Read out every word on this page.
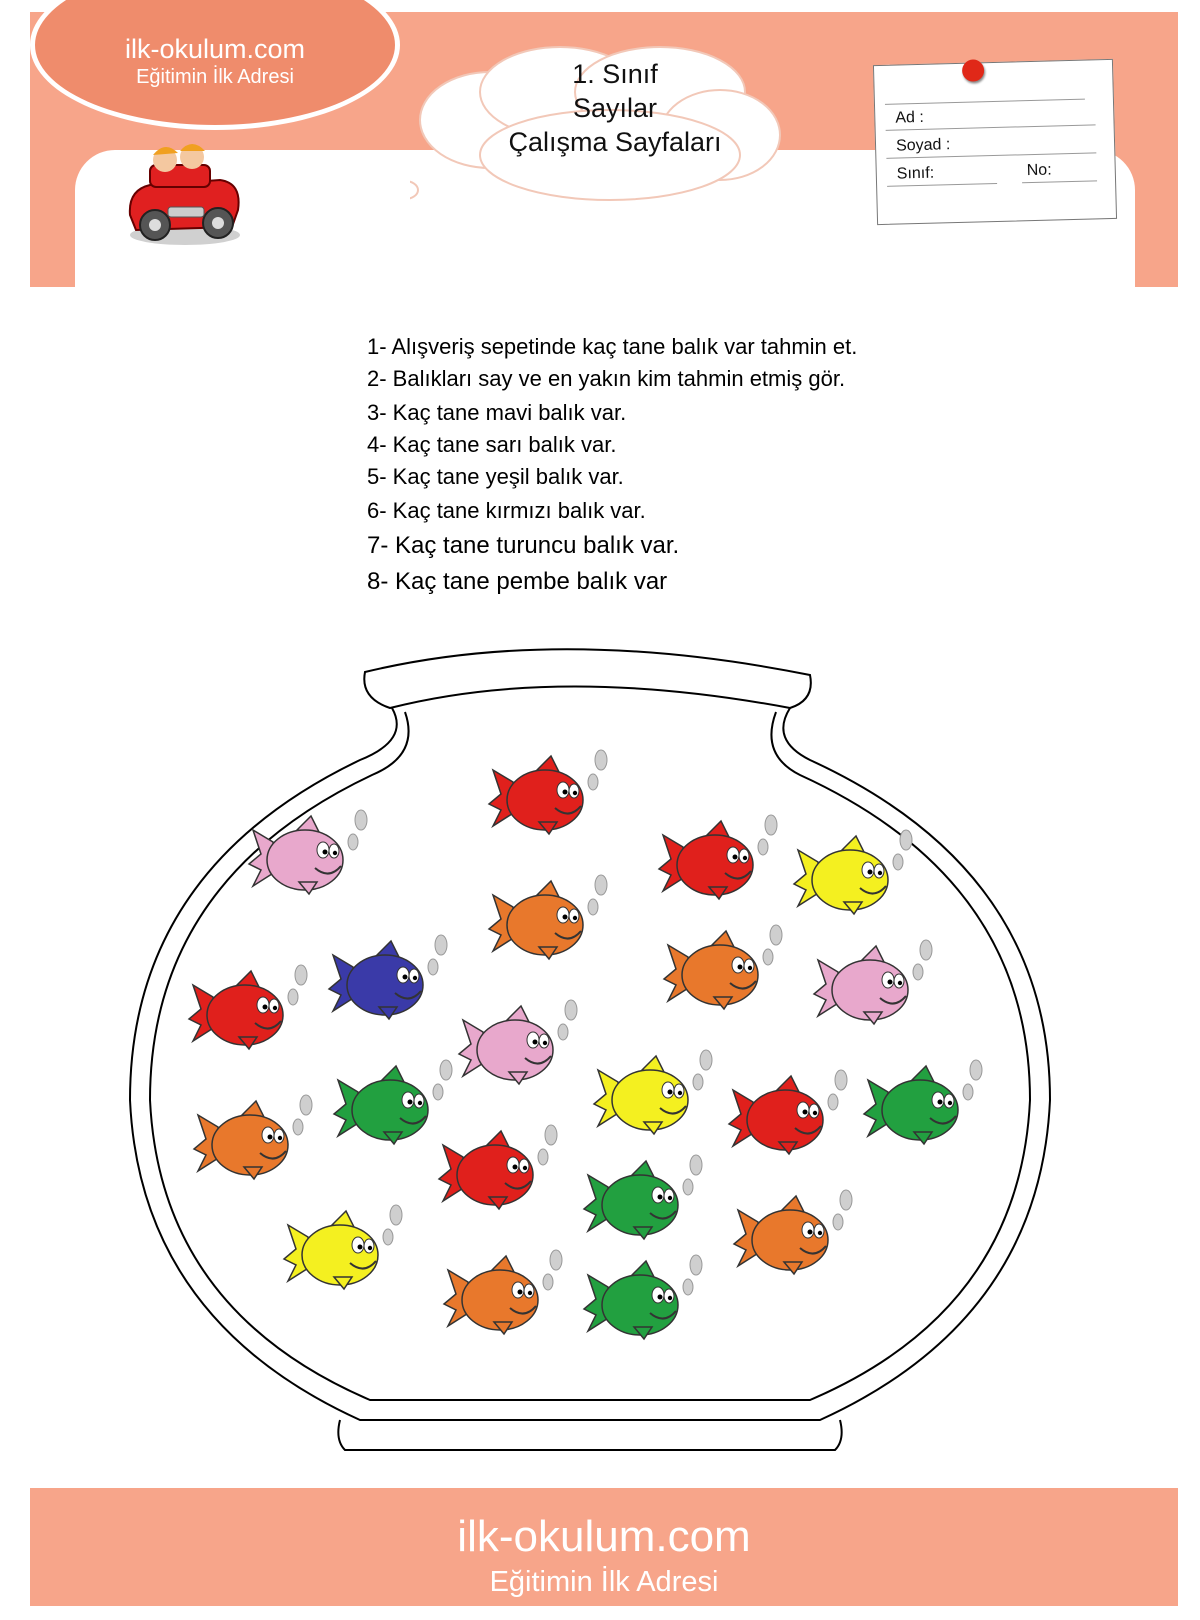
ilk-okulum.com
Eğitimin İlk Adresi	1. Sınıf
Sayılar
Çalışma Sayfaları
Ad :
Soyad :
Sınıf:	No:
1- Alışveriş sepetinde kaç tane balık var tahmin et.
2- Balıkları say ve en yakın kim tahmin etmiş gör.
3- Kaç tane mavi balık var.
4- Kaç tane sarı balık var.
5- Kaç tane yeşil balık var.
6- Kaç tane kırmızı balık var.
7- Kaç tane turuncu balık var.
8- Kaç tane pembe balık var
ilk-okulum.com
Eğitimin İlk Adresi
